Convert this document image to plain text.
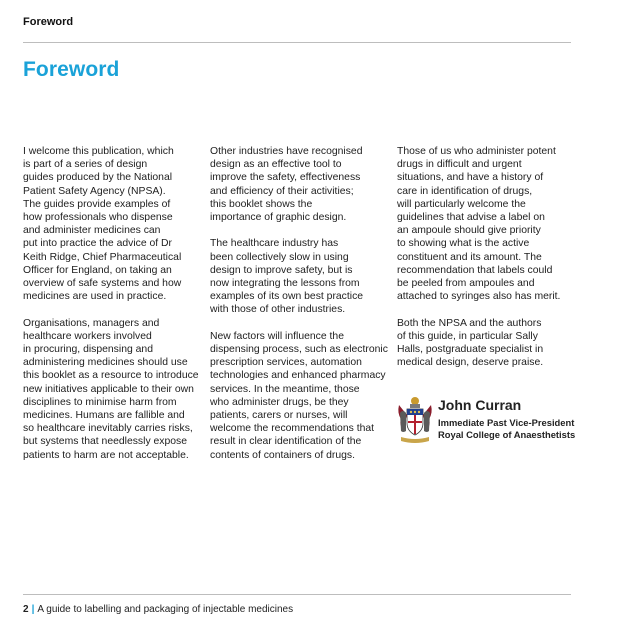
Foreword
Foreword

I welcome this publication, which
is part of a series of design
guides produced by the National
Patient Safety Agency (NPSA).
The guides provide examples of
how professionals who dispense
and administer medicines can
put into practice the advice of Dr
Keith Ridge, Chief Pharmaceutical
Officer for England, on taking an
overview of safe systems and how
medicines are used in practice.

Organisations, managers and
healthcare workers involved
in procuring, dispensing and
administering medicines should use
this booklet as a resource to introduce
new initiatives applicable to their own
disciplines to minimise harm from
medicines. Humans are fallible and
so healthcare inevitably carries risks,
but systems that needlessly expose
patients to harm are not acceptable.

Other industries have recognised
design as an effective tool to
improve the safety, effectiveness
and efficiency of their activities;
this booklet shows the
importance of graphic design.

The healthcare industry has
been collectively slow in using
design to improve safety, but is
now integrating the lessons from
examples of its own best practice
with those of other industries.

New factors will influence the
dispensing process, such as electronic
prescription services, automation
technologies and enhanced pharmacy
services. In the meantime, those
who administer drugs, be they
patients, carers or nurses, will
welcome the recommendations that
result in clear identification of the
contents of containers of drugs.

Those of us who administer potent
drugs in difficult and urgent
situations, and have a history of
care in identification of drugs,
will particularly welcome the
guidelines that advise a label on
an ampoule should give priority
to showing what is the active
constituent and its amount. The
recommendation that labels could
be peeled from ampoules and
attached to syringes also has merit.

Both the NPSA and the authors
of this guide, in particular Sally
Halls, postgraduate specialist in
medical design, deserve praise.

John Curran
Immediate Past Vice-President
Royal College of Anaesthetists
2 | A guide to labelling and packaging of injectable medicines
